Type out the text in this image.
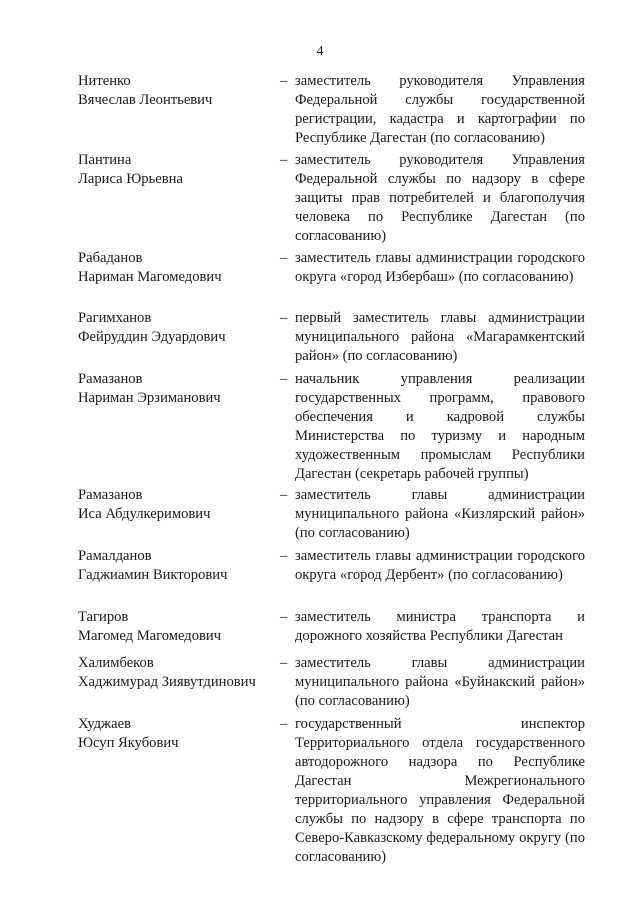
4
Нитенко
Вячеслав Леонтьевич
– заместитель руководителя Управления Федеральной службы государственной регистрации, кадастра и картографии по Республике Дагестан (по согласованию)
Пантина
Лариса Юрьевна
– заместитель руководителя Управления Федеральной службы по надзору в сфере защиты прав потребителей и благополучия человека по Республике Дагестан (по согласованию)
Рабаданов
Нариман Магомедович
– заместитель главы администрации городского округа «город Избербаш» (по согласованию)
Рагимханов
Фейруддин Эдуардович
– первый заместитель главы администрации муниципального района «Магарамкентский район» (по согласованию)
Рамазанов
Нариман Эрзиманович
– начальник управления реализации государственных программ, правового обеспечения и кадровой службы Министерства по туризму и народным художественным промыслам Республики Дагестан (секретарь рабочей группы)
Рамазанов
Иса Абдулкеримович
– заместитель главы администрации муниципального района «Кизлярский район» (по согласованию)
Рамалданов
Гаджиамин Викторович
– заместитель главы администрации городского округа «город Дербент» (по согласованию)
Тагиров
Магомед Магомедович
– заместитель министра транспорта и дорожного хозяйства Республики Дагестан
Халимбеков
Хаджимурад Зиявутдинович
– заместитель главы администрации муниципального района «Буйнакский район» (по согласованию)
Худжаев
Юсуп Якубович
– государственный инспектор Территориального отдела государственного автодорожного надзора по Республике Дагестан Межрегионального территориального управления Федеральной службы по надзору в сфере транспорта по Северо-Кавказскому федеральному округу (по согласованию)
